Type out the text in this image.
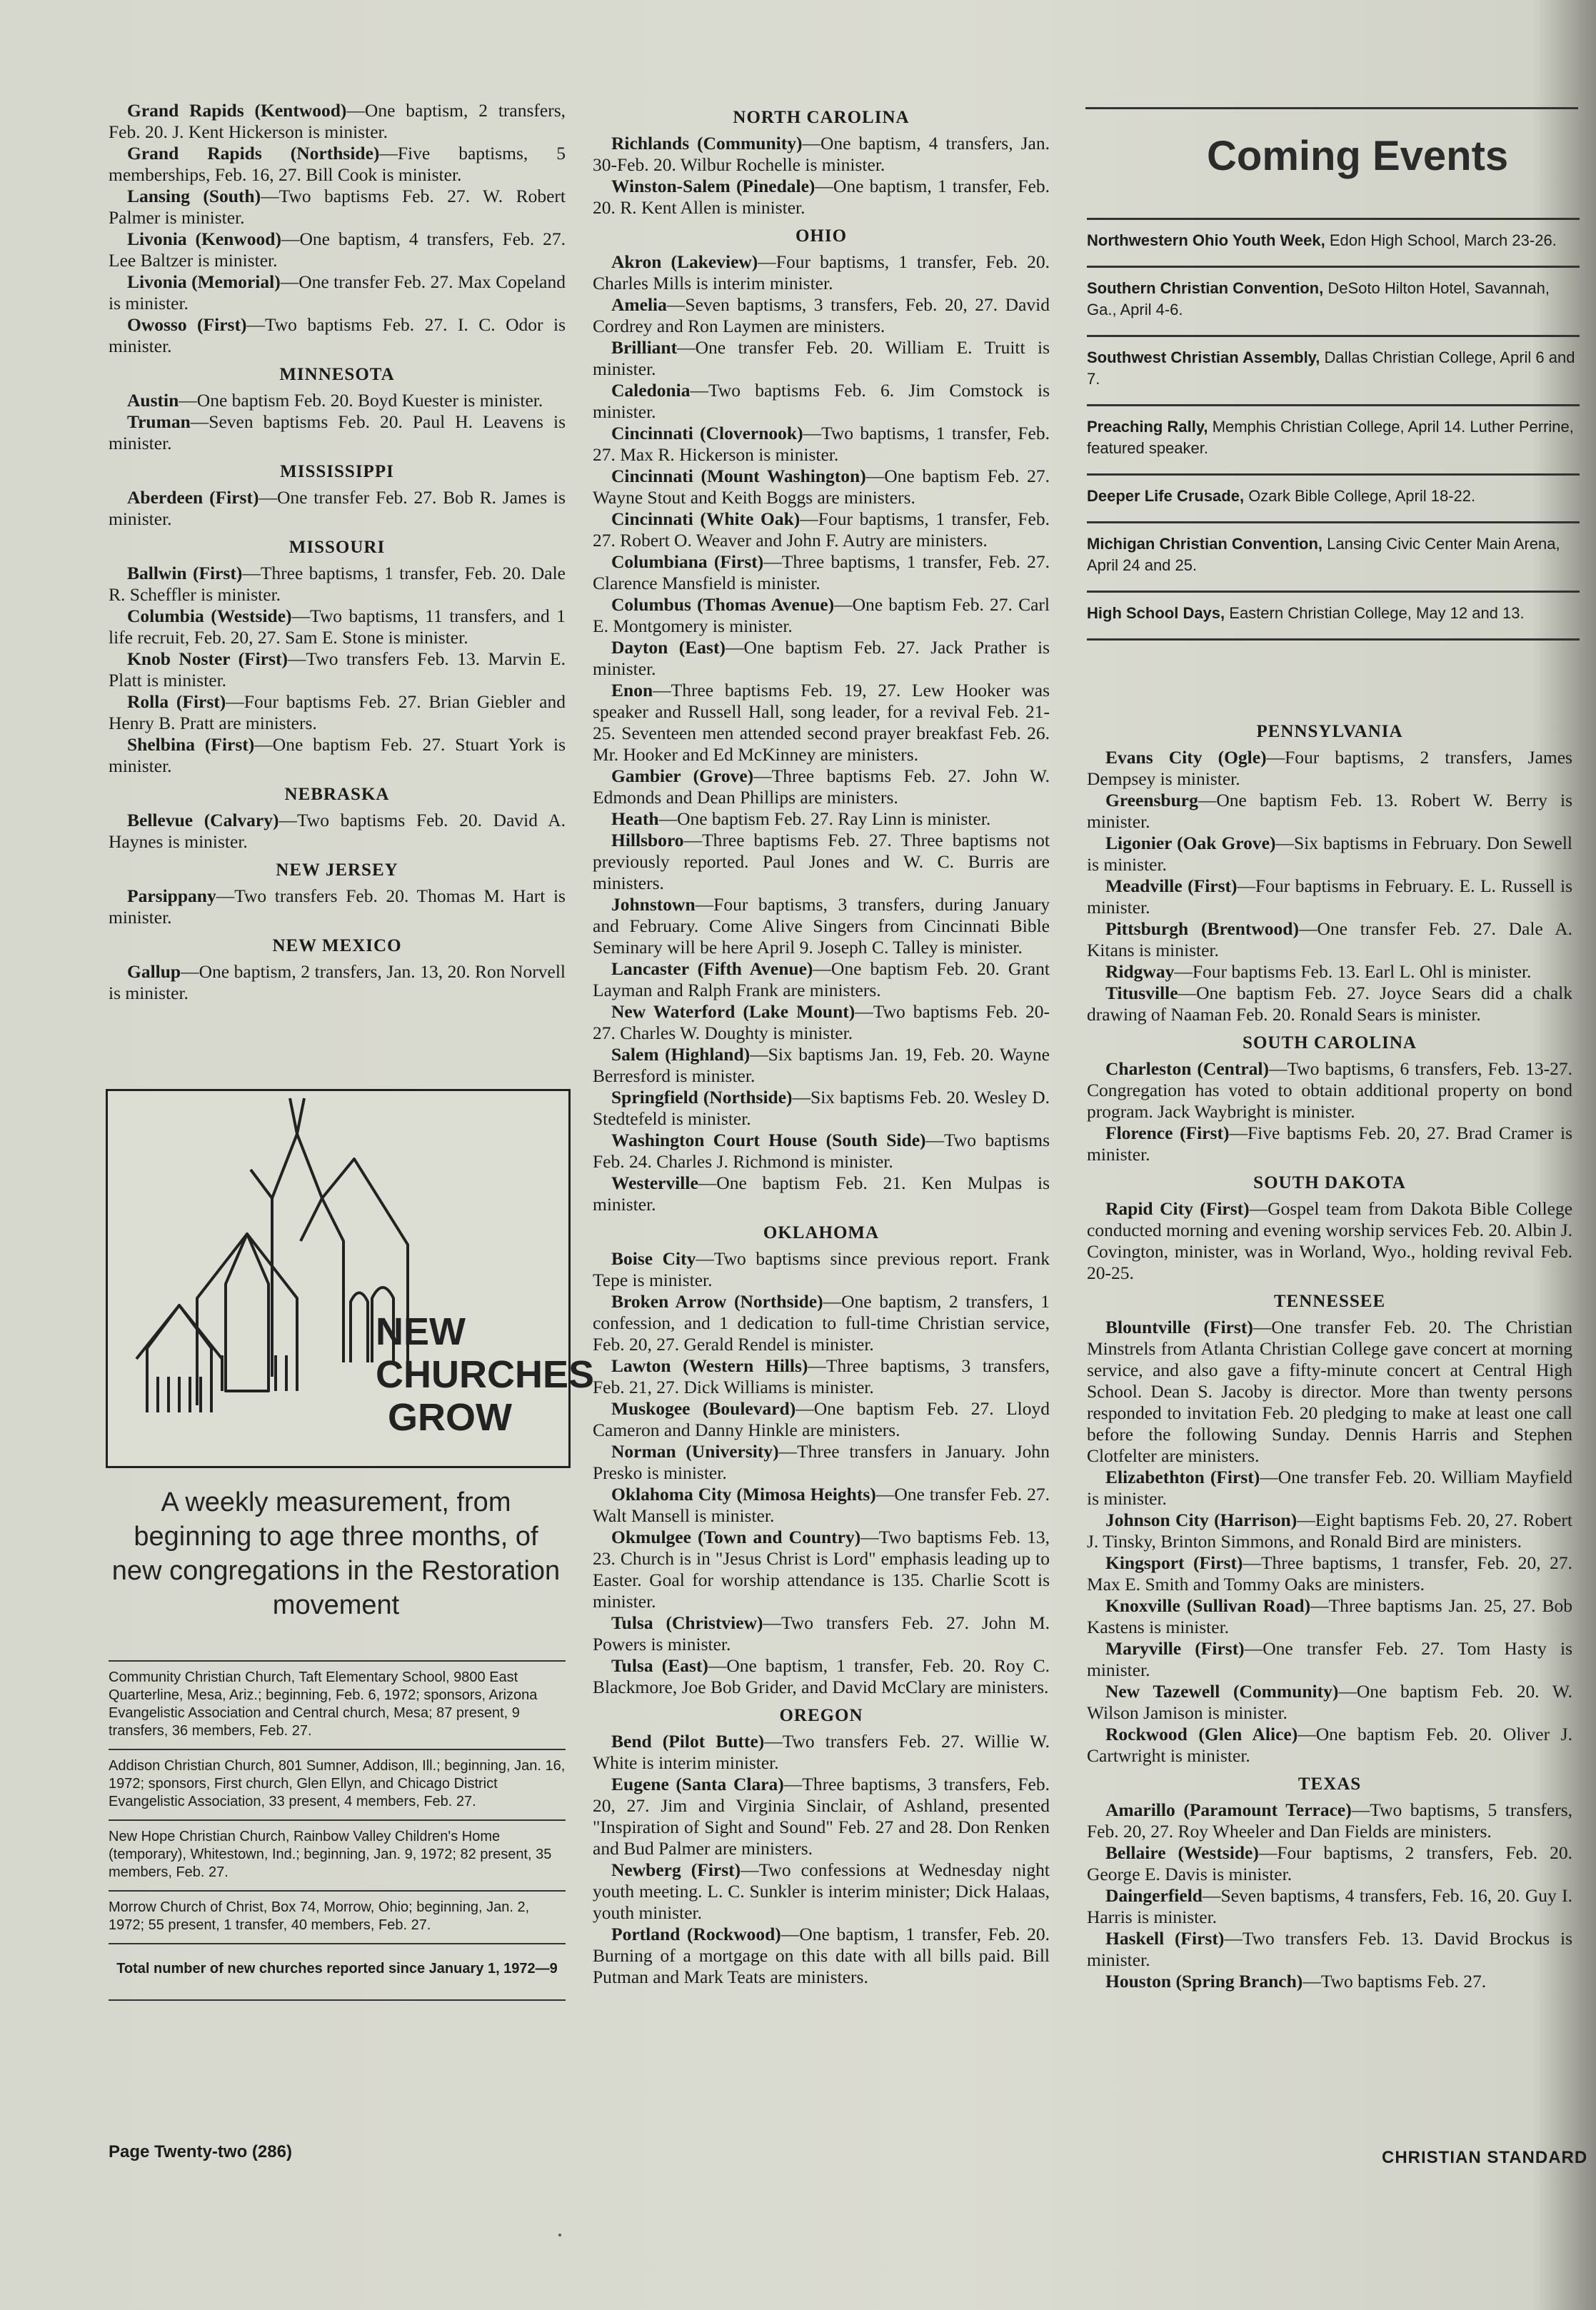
Grand Rapids (Kentwood)—One baptism, 2 transfers, Feb. 20. J. Kent Hickerson is minister.

Grand Rapids (Northside)—Five baptisms, 5 memberships, Feb. 16, 27. Bill Cook is minister.

Lansing (South)—Two baptisms Feb. 27. W. Robert Palmer is minister.

Livonia (Kenwood)—One baptism, 4 transfers, Feb. 27. Lee Baltzer is minister.

Livonia (Memorial)—One transfer Feb. 27. Max Copeland is minister.

Owosso (First)—Two baptisms Feb. 27. I. C. Odor is minister.

MINNESOTA

Austin—One baptism Feb. 20. Boyd Kuester is minister.

Truman—Seven baptisms Feb. 20. Paul H. Leavens is minister.

MISSISSIPPI

Aberdeen (First)—One transfer Feb. 27. Bob R. James is minister.

MISSOURI

Ballwin (First)—Three baptisms, 1 transfer, Feb. 20. Dale R. Scheffler is minister.

Columbia (Westside)—Two baptisms, 11 transfers, and 1 life recruit, Feb. 20, 27. Sam E. Stone is minister.

Knob Noster (First)—Two transfers Feb. 13. Marvin E. Platt is minister.

Rolla (First)—Four baptisms Feb. 27. Brian Giebler and Henry B. Pratt are ministers.

Shelbina (First)—One baptism Feb. 27. Stuart York is minister.

NEBRASKA

Bellevue (Calvary)—Two baptisms Feb. 20. David A. Haynes is minister.

NEW JERSEY

Parsippany—Two transfers Feb. 20. Thomas M. Hart is minister.

NEW MEXICO

Gallup—One baptism, 2 transfers, Jan. 13, 20. Ron Norvell is minister.

NORTH CAROLINA

Richlands (Community)—One baptism, 4 transfers, Jan. 30-Feb. 20. Wilbur Rochelle is minister.

Winston-Salem (Pinedale)—One baptism, 1 transfer, Feb. 20. R. Kent Allen is minister.

OHIO

Akron (Lakeview)—Four baptisms, 1 transfer, Feb. 20. Charles Mills is interim minister.

Amelia—Seven baptisms, 3 transfers, Feb. 20, 27. David Cordrey and Ron Laymen are ministers.

Brilliant—One transfer Feb. 20. William E. Truitt is minister.

Caledonia—Two baptisms Feb. 6. Jim Comstock is minister.

Cincinnati (Clovernook)—Two baptisms, 1 transfer, Feb. 27. Max R. Hickerson is minister.

Cincinnati (Mount Washington)—One baptism Feb. 27. Wayne Stout and Keith Boggs are ministers.

Cincinnati (White Oak)—Four baptisms, 1 transfer, Feb. 27. Robert O. Weaver and John F. Autry are ministers.

Columbiana (First)—Three baptisms, 1 transfer, Feb. 27. Clarence Mansfield is minister.

Columbus (Thomas Avenue)—One baptism Feb. 27. Carl E. Montgomery is minister.

Dayton (East)—One baptism Feb. 27. Jack Prather is minister.

Enon—Three baptisms Feb. 19, 27. Lew Hooker was speaker and Russell Hall, song leader, for a revival Feb. 21-25. Seventeen men attended second prayer breakfast Feb. 26. Mr. Hooker and Ed McKinney are ministers.

Gambier (Grove)—Three baptisms Feb. 27. John W. Edmonds and Dean Phillips are ministers.

Heath—One baptism Feb. 27. Ray Linn is minister.

Hillsboro—Three baptisms Feb. 27. Three baptisms not previously reported. Paul Jones and W. C. Burris are ministers.

Johnstown—Four baptisms, 3 transfers, during January and February. Come Alive Singers from Cincinnati Bible Seminary will be here April 9. Joseph C. Talley is minister.

Lancaster (Fifth Avenue)—One baptism Feb. 20. Grant Layman and Ralph Frank are ministers.

New Waterford (Lake Mount)—Two baptisms Feb. 20-27. Charles W. Doughty is minister.

Salem (Highland)—Six baptisms Jan. 19, Feb. 20. Wayne Berresford is minister.

Springfield (Northside)—Six baptisms Feb. 20. Wesley D. Stedtefeld is minister.

Washington Court House (South Side)—Two baptisms Feb. 24. Charles J. Richmond is minister.

Westerville—One baptism Feb. 21. Ken Mulpas is minister.

OKLAHOMA

Boise City—Two baptisms since previous report. Frank Tepe is minister.

Broken Arrow (Northside)—One baptism, 2 transfers, 1 confession, and 1 dedication to full-time Christian service, Feb. 20, 27. Gerald Rendel is minister.

Lawton (Western Hills)—Three baptisms, 3 transfers, Feb. 21, 27. Dick Williams is minister.

Muskogee (Boulevard)—One baptism Feb. 27. Lloyd Cameron and Danny Hinkle are ministers.

Norman (University)—Three transfers in January. John Presko is minister.

Oklahoma City (Mimosa Heights)—One transfer Feb. 27. Walt Mansell is minister.

Okmulgee (Town and Country)—Two baptisms Feb. 13, 23. Church is in "Jesus Christ is Lord" emphasis leading up to Easter. Goal for worship attendance is 135. Charlie Scott is minister.

Tulsa (Christview)—Two transfers Feb. 27. John M. Powers is minister.

Tulsa (East)—One baptism, 1 transfer, Feb. 20. Roy C. Blackmore, Joe Bob Grider, and David McClary are ministers.

OREGON

Bend (Pilot Butte)—Two transfers Feb. 27. Willie W. White is interim minister.

Eugene (Santa Clara)—Three baptisms, 3 transfers, Feb. 20, 27. Jim and Virginia Sinclair, of Ashland, presented "Inspiration of Sight and Sound" Feb. 27 and 28. Don Renken and Bud Palmer are ministers.

Newberg (First)—Two confessions at Wednesday night youth meeting. L. C. Sunkler is interim minister; Dick Halaas, youth minister.

Portland (Rockwood)—One baptism, 1 transfer, Feb. 20. Burning of a mortgage on this date with all bills paid. Bill Putman and Mark Teats are ministers.

NEW
CHURCHES
GROW
A weekly measurement, from beginning to age three months, of new congregations in the Restoration movement
Community Christian Church, Taft Elementary School, 9800 East Quarterline, Mesa, Ariz.; beginning, Feb. 6, 1972; sponsors, Arizona Evangelistic Association and Central church, Mesa; 87 present, 9 transfers, 36 members, Feb. 27.
Addison Christian Church, 801 Sumner, Addison, Ill.; beginning, Jan. 16, 1972; sponsors, First church, Glen Ellyn, and Chicago District Evangelistic Association, 33 present, 4 members, Feb. 27.
New Hope Christian Church, Rainbow Valley Children's Home (temporary), Whitestown, Ind.; beginning, Jan. 9, 1972; 82 present, 35 members, Feb. 27.
Morrow Church of Christ, Box 74, Morrow, Ohio; beginning, Jan. 2, 1972; 55 present, 1 transfer, 40 members, Feb. 27.
Total number of new churches reported since January 1, 1972—9
Coming Events
Northwestern Ohio Youth Week, Edon High School, March 23-26.
Southern Christian Convention, DeSoto Hilton Hotel, Savannah, Ga., April 4-6.
Southwest Christian Assembly, Dallas Christian College, April 6 and 7.
Preaching Rally, Memphis Christian College, April 14. Luther Perrine, featured speaker.
Deeper Life Crusade, Ozark Bible College, April 18-22.
Michigan Christian Convention, Lansing Civic Center Main Arena, April 24 and 25.
High School Days, Eastern Christian College, May 12 and 13.

PENNSYLVANIA

Evans City (Ogle)—Four baptisms, 2 transfers, James Dempsey is minister.

Greensburg—One baptism Feb. 13. Robert W. Berry is minister.

Ligonier (Oak Grove)—Six baptisms in February. Don Sewell is minister.

Meadville (First)—Four baptisms in February. E. L. Russell is minister.

Pittsburgh (Brentwood)—One transfer Feb. 27. Dale A. Kitans is minister.

Ridgway—Four baptisms Feb. 13. Earl L. Ohl is minister.

Titusville—One baptism Feb. 27. Joyce Sears did a chalk drawing of Naaman Feb. 20. Ronald Sears is minister.

SOUTH CAROLINA

Charleston (Central)—Two baptisms, 6 transfers, Feb. 13-27. Congregation has voted to obtain additional property on bond program. Jack Waybright is minister.

Florence (First)—Five baptisms Feb. 20, 27. Brad Cramer is minister.

SOUTH DAKOTA

Rapid City (First)—Gospel team from Dakota Bible College conducted morning and evening worship services Feb. 20. Albin J. Covington, minister, was in Worland, Wyo., holding revival Feb. 20-25.

TENNESSEE

Blountville (First)—One transfer Feb. 20. The Christian Minstrels from Atlanta Christian College gave concert at morning service, and also gave a fifty-minute concert at Central High School. Dean S. Jacoby is director. More than twenty persons responded to invitation Feb. 20 pledging to make at least one call before the following Sunday. Dennis Harris and Stephen Clotfelter are ministers.

Elizabethton (First)—One transfer Feb. 20. William Mayfield is minister.

Johnson City (Harrison)—Eight baptisms Feb. 20, 27. Robert J. Tinsky, Brinton Simmons, and Ronald Bird are ministers.

Kingsport (First)—Three baptisms, 1 transfer, Feb. 20, 27. Max E. Smith and Tommy Oaks are ministers.

Knoxville (Sullivan Road)—Three baptisms Jan. 25, 27. Bob Kastens is minister.

Maryville (First)—One transfer Feb. 27. Tom Hasty is minister.

New Tazewell (Community)—One baptism Feb. 20. W. Wilson Jamison is minister.

Rockwood (Glen Alice)—One baptism Feb. 20. Oliver J. Cartwright is minister.

TEXAS

Amarillo (Paramount Terrace)—Two baptisms, 5 transfers, Feb. 20, 27. Roy Wheeler and Dan Fields are ministers.

Bellaire (Westside)—Four baptisms, 2 transfers, Feb. 20. George E. Davis is minister.

Daingerfield—Seven baptisms, 4 transfers, Feb. 16, 20. Guy I. Harris is minister.

Haskell (First)—Two transfers Feb. 13. David Brockus is minister.

Houston (Spring Branch)—Two baptisms Feb. 27.

Page Twenty-two (286)	CHRISTIAN STANDARD
